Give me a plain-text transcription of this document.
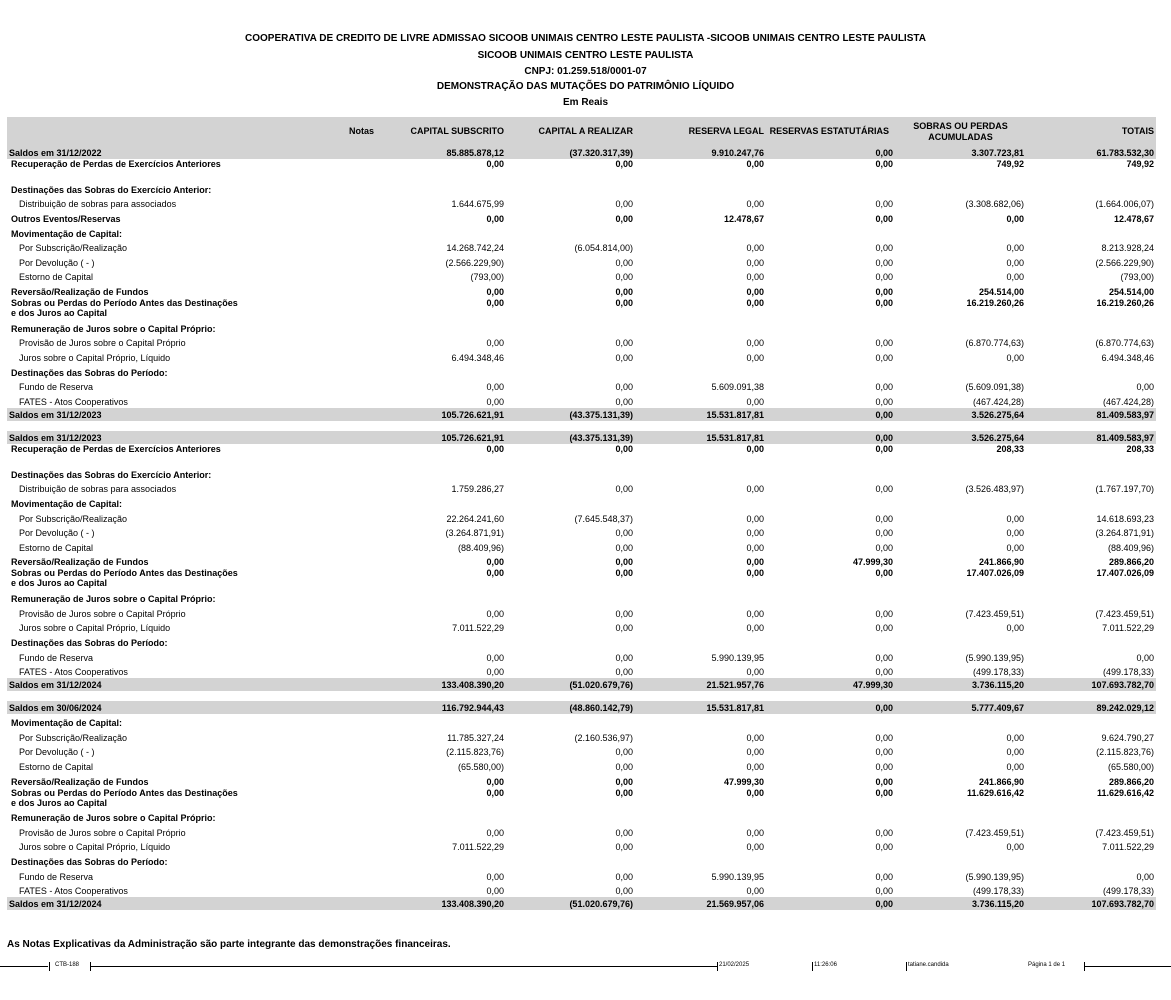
COOPERATIVA DE CREDITO DE LIVRE ADMISSAO SICOOB UNIMAIS CENTRO LESTE PAULISTA -SICOOB UNIMAIS CENTRO LESTE PAULISTA
SICOOB UNIMAIS CENTRO LESTE PAULISTA
CNPJ: 01.259.518/0001-07
DEMONSTRAÇÃO DAS MUTAÇÕES DO PATRIMÔNIO LÍQUIDO
Em Reais
	Notas	CAPITAL SUBSCRITO	CAPITAL A REALIZAR	RESERVA LEGAL	RESERVAS ESTATUTÁRIAS	SOBRAS OU PERDAS ACUMULADAS	TOTAIS
Saldos em 31/12/2022		85.885.878,12	(37.320.317,39)	9.910.247,76	0,00	3.307.723,81	61.783.532,30
Recuperação de Perdas de Exercícios Anteriores		0,00	0,00	0,00	0,00	749,92	749,92
Destinações das Sobras do Exercício Anterior:							
Distribuição de sobras para associados		1.644.675,99	0,00	0,00	0,00	(3.308.682,06)	(1.664.006,07)
Outros Eventos/Reservas		0,00	0,00	12.478,67	0,00	0,00	12.478,67
Movimentação de Capital:							
Por Subscrição/Realização		14.268.742,24	(6.054.814,00)	0,00	0,00	0,00	8.213.928,24
Por Devolução ( - )		(2.566.229,90)	0,00	0,00	0,00	0,00	(2.566.229,90)
Estorno de Capital		(793,00)	0,00	0,00	0,00	0,00	(793,00)
Reversão/Realização de Fundos		0,00	0,00	0,00	0,00	254.514,00	254.514,00
Sobras ou Perdas do Período Antes das Destinações e dos Juros ao Capital		0,00	0,00	0,00	0,00	16.219.260,26	16.219.260,26
Remuneração de Juros sobre o Capital Próprio:							
Provisão de Juros sobre o Capital Próprio		0,00	0,00	0,00	0,00	(6.870.774,63)	(6.870.774,63)
Juros sobre o Capital Próprio, Líquido		6.494.348,46	0,00	0,00	0,00	0,00	6.494.348,46
Destinações das Sobras do Período:							
Fundo de Reserva		0,00	0,00	5.609.091,38	0,00	(5.609.091,38)	0,00
FATES - Atos Cooperativos		0,00	0,00	0,00	0,00	(467.424,28)	(467.424,28)
Saldos em 31/12/2023		105.726.621,91	(43.375.131,39)	15.531.817,81	0,00	3.526.275,64	81.409.583,97

Saldos em 31/12/2023		105.726.621,91	(43.375.131,39)	15.531.817,81	0,00	3.526.275,64	81.409.583,97
Recuperação de Perdas de Exercícios Anteriores		0,00	0,00	0,00	0,00	208,33	208,33
Destinações das Sobras do Exercício Anterior:							
Distribuição de sobras para associados		1.759.286,27	0,00	0,00	0,00	(3.526.483,97)	(1.767.197,70)
Movimentação de Capital:							
Por Subscrição/Realização		22.264.241,60	(7.645.548,37)	0,00	0,00	0,00	14.618.693,23
Por Devolução ( - )		(3.264.871,91)	0,00	0,00	0,00	0,00	(3.264.871,91)
Estorno de Capital		(88.409,96)	0,00	0,00	0,00	0,00	(88.409,96)
Reversão/Realização de Fundos		0,00	0,00	0,00	47.999,30	241.866,90	289.866,20
Sobras ou Perdas do Período Antes das Destinações e dos Juros ao Capital		0,00	0,00	0,00	0,00	17.407.026,09	17.407.026,09
Remuneração de Juros sobre o Capital Próprio:							
Provisão de Juros sobre o Capital Próprio		0,00	0,00	0,00	0,00	(7.423.459,51)	(7.423.459,51)
Juros sobre o Capital Próprio, Líquido		7.011.522,29	0,00	0,00	0,00	0,00	7.011.522,29
Destinações das Sobras do Período:							
Fundo de Reserva		0,00	0,00	5.990.139,95	0,00	(5.990.139,95)	0,00
FATES - Atos Cooperativos		0,00	0,00	0,00	0,00	(499.178,33)	(499.178,33)
Saldos em 31/12/2024		133.408.390,20	(51.020.679,76)	21.521.957,76	47.999,30	3.736.115,20	107.693.782,70

Saldos em 30/06/2024		116.792.944,43	(48.860.142,79)	15.531.817,81	0,00	5.777.409,67	89.242.029,12
Movimentação de Capital:							
Por Subscrição/Realização		11.785.327,24	(2.160.536,97)	0,00	0,00	0,00	9.624.790,27
Por Devolução ( - )		(2.115.823,76)	0,00	0,00	0,00	0,00	(2.115.823,76)
Estorno de Capital		(65.580,00)	0,00	0,00	0,00	0,00	(65.580,00)
Reversão/Realização de Fundos		0,00	0,00	47.999,30	0,00	241.866,90	289.866,20
Sobras ou Perdas do Período Antes das Destinações e dos Juros ao Capital		0,00	0,00	0,00	0,00	11.629.616,42	11.629.616,42
Remuneração de Juros sobre o Capital Próprio:							
Provisão de Juros sobre o Capital Próprio		0,00	0,00	0,00	0,00	(7.423.459,51)	(7.423.459,51)
Juros sobre o Capital Próprio, Líquido		7.011.522,29	0,00	0,00	0,00	0,00	7.011.522,29
Destinações das Sobras do Período:							
Fundo de Reserva		0,00	0,00	5.990.139,95	0,00	(5.990.139,95)	0,00
FATES - Atos Cooperativos		0,00	0,00	0,00	0,00	(499.178,33)	(499.178,33)
Saldos em 31/12/2024		133.408.390,20	(51.020.679,76)	21.569.957,06	0,00	3.736.115,20	107.693.782,70
As Notas Explicativas da Administração são parte integrante das demonstrações financeiras.
CTB-188	21/02/2025	11:26:06	tatiane.candida	Página 1 de 1
